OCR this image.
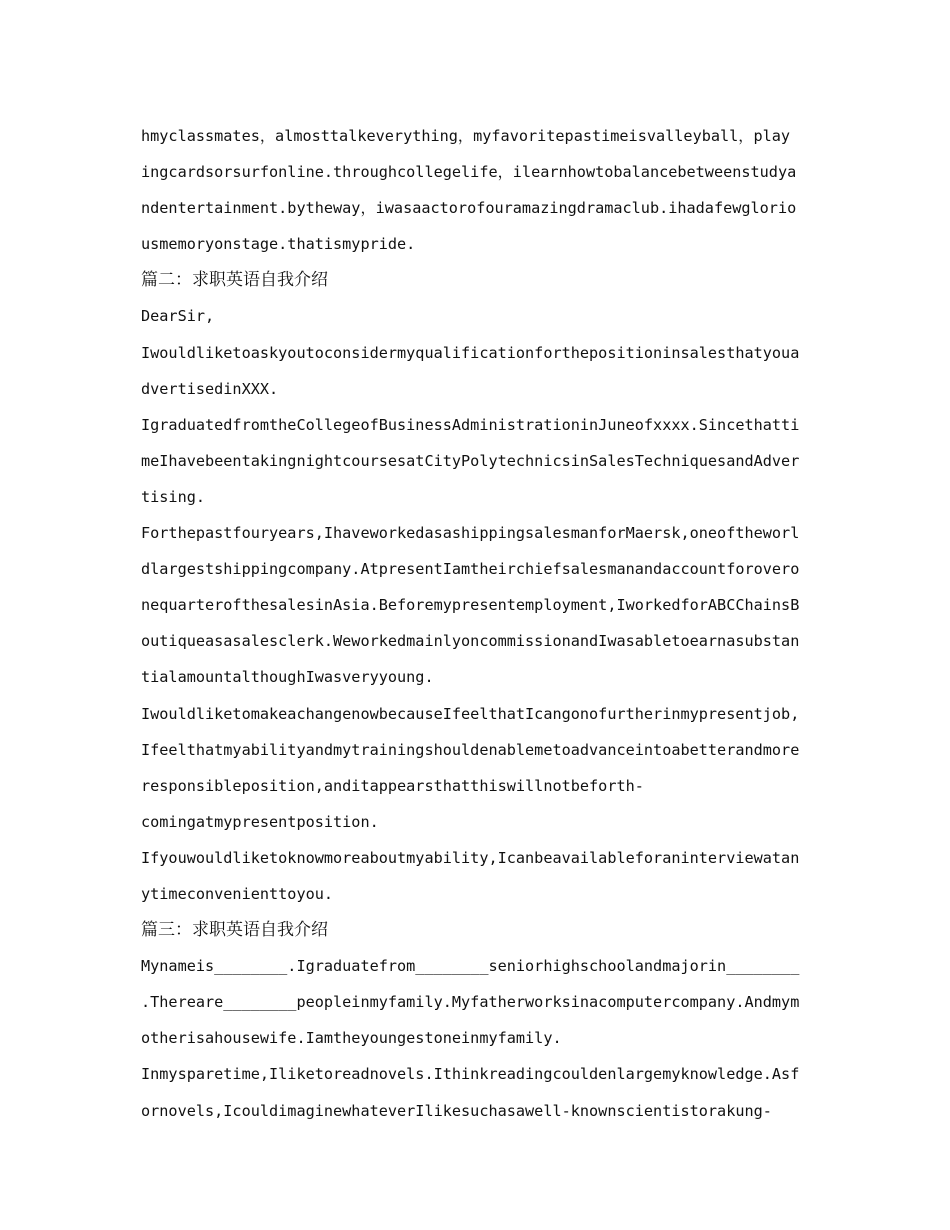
hmyclassmates，almosttalkeverything，myfavoritepastimeisvalleyball，play
ingcardsorsurfonline.throughcollegelife，ilearnhowtobalancebetweenstudya
ndentertainment.bytheway，iwasaactorofouramazingdramaclub.ihadafewglorio
usmemoryonstage.thatismypride.
篇二：求职英语自我介绍
DearSir,
Iwouldliketoaskyoutoconsidermyqualificationforthepositioninsalesthatyoua
dvertisedinXXX.
IgraduatedfromtheCollegeofBusinessAdministrationinJuneofxxxx.Sincethatti
meIhavebeentakingnightcoursesatCityPolytechnicsinSalesTechniquesandAdver
tising.
Forthepastfouryears,IhaveworkedasashippingsalesmanforMaersk,oneoftheworl
dlargestshippingcompany.AtpresentIamtheirchiefsalesmanandaccountforovero
nequarterofthesalesinAsia.Beforemypresentemployment,IworkedforABCChainsB
outiqueasasalesclerk.WeworkedmainlyoncommissionandIwasabletoearnasubstan
tialamountalthoughIwasveryyoung.
IwouldliketomakeachangenowbecauseIfeelthatIcangonofurtherinmypresentjob,
Ifeelthatmyabilityandmytrainingshouldenablemetoadvanceintoabetterandmore
responsibleposition,anditappearsthatthiswillnotbeforth-
comingatmypresentposition.
Ifyouwouldliketoknowmoreaboutmyability,Icanbeavailableforaninterviewatan
ytimeconvenienttoyou.
篇三：求职英语自我介绍
Mynameis________.Igraduatefrom________seniorhighschoolandmajorin________
.Thereare________peopleinmyfamily.Myfatherworksinacomputercompany.Andmym
otherisahousewife.Iamtheyoungestoneinmyfamily.
Inmysparetime,Iliketoreadnovels.Ithinkreadingcouldenlargemyknowledge.Asf
ornovels,IcouldimaginewhateverIlikesuchasawell-knownscientistorakung-
